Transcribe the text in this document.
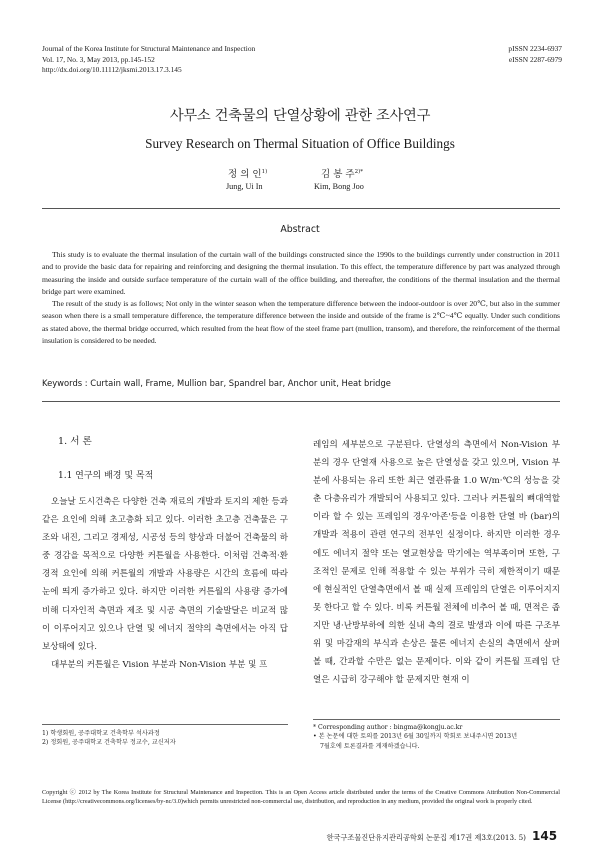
Journal of the Korea Institute for Structural Maintenance and Inspection
Vol. 17, No. 3, May 2013, pp.145-152
http://dx.doi.org/10.11112/jksmi.2013.17.3.145
pISSN 2234-6937
eISSN 2287-6979
사무소 건축물의 단열상황에 관한 조사연구
Survey Research on Thermal Situation of Office Buildings
정 의 인$^{1)}$
Jung, Ui In
김 봉 주$^{2)*}$
Kim, Bong Joo
Abstract

This study is to evaluate the thermal insulation of the curtain wall of the buildings constructed since the 1990s to the buildings currently under construction in 2011 and to provide the basic data for repairing and reinforcing and designing the thermal insulation. To this effect, the temperature difference by part was analyzed through measuring the inside and outside surface temperature of the curtain wall of the office building, and thereafter, the conditions of the thermal insulation and the thermal bridge part were examined.

The result of the study is as follows; Not only in the winter season when the temperature difference between the indoor-outdoor is over 20℃, but also in the summer season when there is a small temperature difference, the temperature difference between the inside and outside of the frame is 2℃~4℃ equally. Under such conditions as stated above, the thermal bridge occurred, which resulted from the heat flow of the steel frame part (mullion, transom), and therefore, the reinforcement of the thermal insulation is considered to be needed.

Keywords : Curtain wall, Frame, Mullion bar, Spandrel bar, Anchor unit, Heat bridge
1. 서 론
1.1 연구의 배경 및 목적

오늘날 도시건축은 다양한 건축 재료의 개발과 토지의 제한 등과 같은 요인에 의해 초고층화 되고 있다. 이러한 초고층 건축물은 구조와 내진, 그리고 경제성, 시공성 등의 향상과 더불어 건축물의 하중 경감을 목적으로 다양한 커튼월을 사용한다. 이처럼 건축적·환경적 요인에 의해 커튼월의 개발과 사용량은 시간의 흐름에 따라 눈에 띄게 증가하고 있다. 하지만 이러한 커튼월의 사용량 증가에 비해 디자인적 측면과 제조 및 시공 측면의 기술발달은 비교적 많이 이루어지고 있으나 단열 및 에너지 절약의 측면에서는 아직 답보상태에 있다.

대부분의 커튼월은 Vision 부분과 Non-Vision 부분 및 프

레임의 세부분으로 구분된다. 단열성의 측면에서 Non-Vision 부분의 경우 단열재 사용으로 높은 단열성을 갖고 있으며, Vision 부분에 사용되는 유리 또한 최근 열관류율 1.0 W/m·℃의 성능을 갖춘 다층유리가 개발되어 사용되고 있다. 그러나 커튼월의 뼈대역할이라 할 수 있는 프레임의 경우'아존'등을 이용한 단열 바 (bar)의 개발과 적용이 관련 연구의 전부인 실정이다. 하지만 이러한 경우에도 에너지 절약 또는 열교현상을 막기에는 역부족이며 또한, 구조적인 문제로 인해 적용할 수 있는 부위가 극히 제한적이기 때문에 현실적인 단열측면에서 볼 때 실제 프레임의 단열은 이루어지지 못 한다고 할 수 있다. 비록 커튼월 전체에 비추어 볼 때, 면적은 좁지만 냉·난방부하에 의한 실내 측의 결로 발생과 이에 따른 구조부위 및 마감재의 부식과 손상은 물론 에너지 손실의 측면에서 살펴볼 때, 간과할 수만은 없는 문제이다. 이와 같이 커튼월 프레임 단열은 시급히 강구해야 할 문제지만 현재 이

1) 학생회원, 공주대학교 건축학부 석사과정
2) 정회원, 공주대학교 건축학부 정교수, 교신저자
* Corresponding author : bingma@kongju.ac.kr
• 본 논문에 대한 토의를 2013년 6월 30일까지 학회로 보내주시면 2013년
7월호에 토론결과를 게재하겠습니다.
Copyright ⓒ 2012 by The Korea Institute for Structural Maintenance and Inspection. This is an Open Access article distributed under the terms of the Creative Commons Attribution Non-Commercial License (http://creativecommons.org/licenses/by-nc/3.0)which permits unrestricted non-commercial use, distribution, and reproduction in any medium, provided the original work is properly cited.
한국구조물진단유지관리공학회 논문집 제17권 제3호(2013. 5) 145
